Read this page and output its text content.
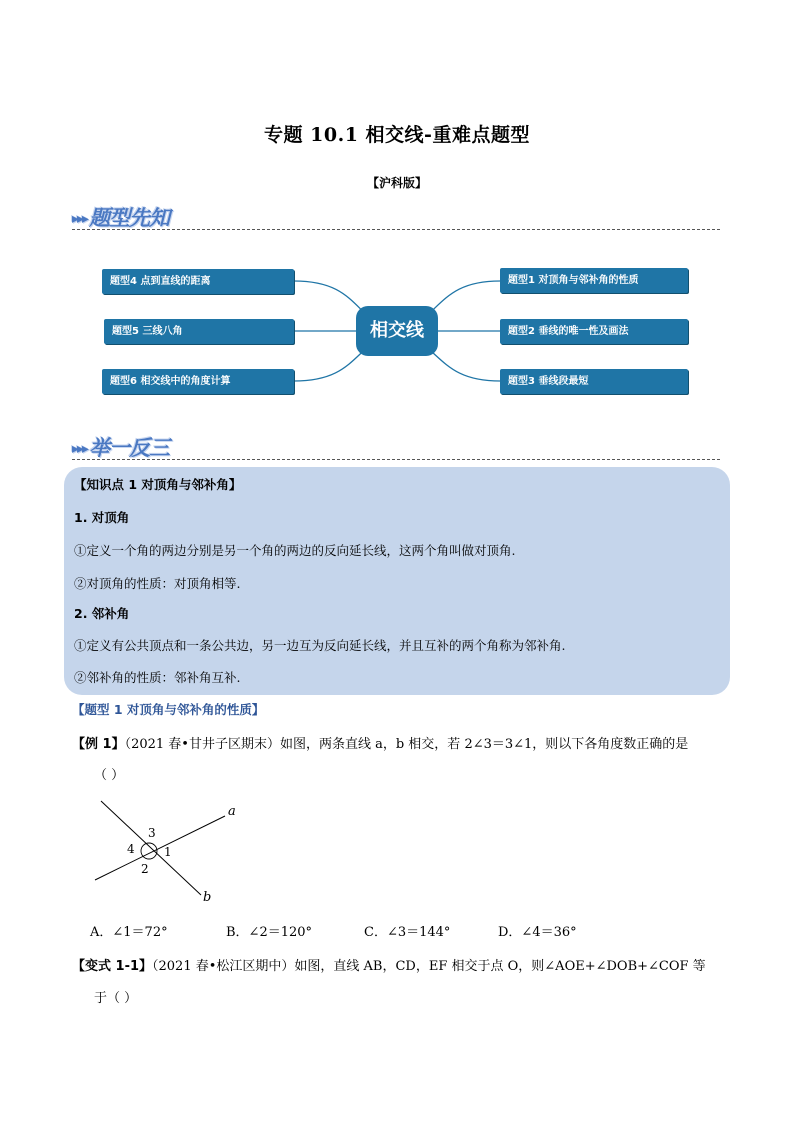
专题 10.1 相交线-重难点题型
【沪科版】
▸▸▸题型先知
题型4 点到直线的距离
题型5 三线八角
题型6 相交线中的角度计算
相交线
题型1 对顶角与邻补角的性质
题型2 垂线的唯一性及画法
题型3 垂线段最短
▸▸▸举一反三
【知识点 1 对顶角与邻补角】
1. 对顶角
①定义一个角的两边分别是另一个角的两边的反向延长线，这两个角叫做对顶角.
②对顶角的性质：对顶角相等.
2. 邻补角
①定义有公共顶点和一条公共边，另一边互为反向延长线，并且互补的两个角称为邻补角.
②邻补角的性质：邻补角互补.
【题型 1 对顶角与邻补角的性质】
【例 1】（2021 春•甘井子区期末）如图，两条直线 a，b 相交，若 2∠3＝3∠1，则以下各角度数正确的是
（ ）
a
b
1
2
3
4
A．∠1＝72°	B．∠2＝120°	C．∠3＝144°	D．∠4＝36°
【变式 1-1】（2021 春•松江区期中）如图，直线 AB，CD，EF 相交于点 O，则∠AOE+∠DOB+∠COF 等
于（ ）
